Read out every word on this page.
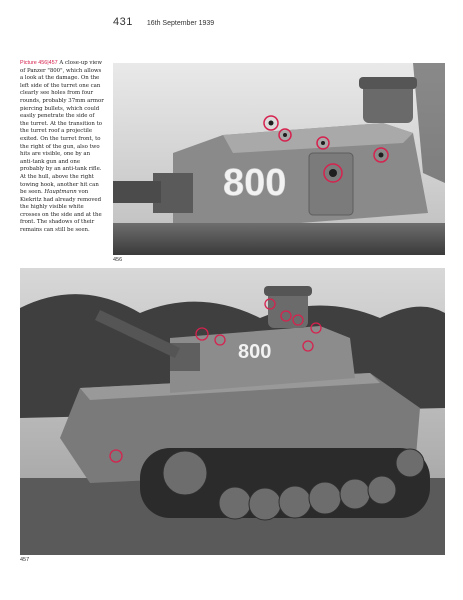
431 16th September 1939
Picture 456|457 A close-up view of Panzer "800", which allows a look at the damage. On the left side of the turret one can clearly see holes from four rounds, probably 37mm armor piercing bullets, which could easily penetrate the side of the turret. At the transition to the turret roof a projectile exited. On the turret front, to the right of the gun, also two hits are visible, one by an anti-tank gun and one probably by an anti-tank rifle. At the hull, above the right towing hook, another hit can be seen. Hauptmann von Kiekritz had already removed the highly visible white crosses on the side and at the front. The shadows of their remains can still be seen.
800
456
800
457
